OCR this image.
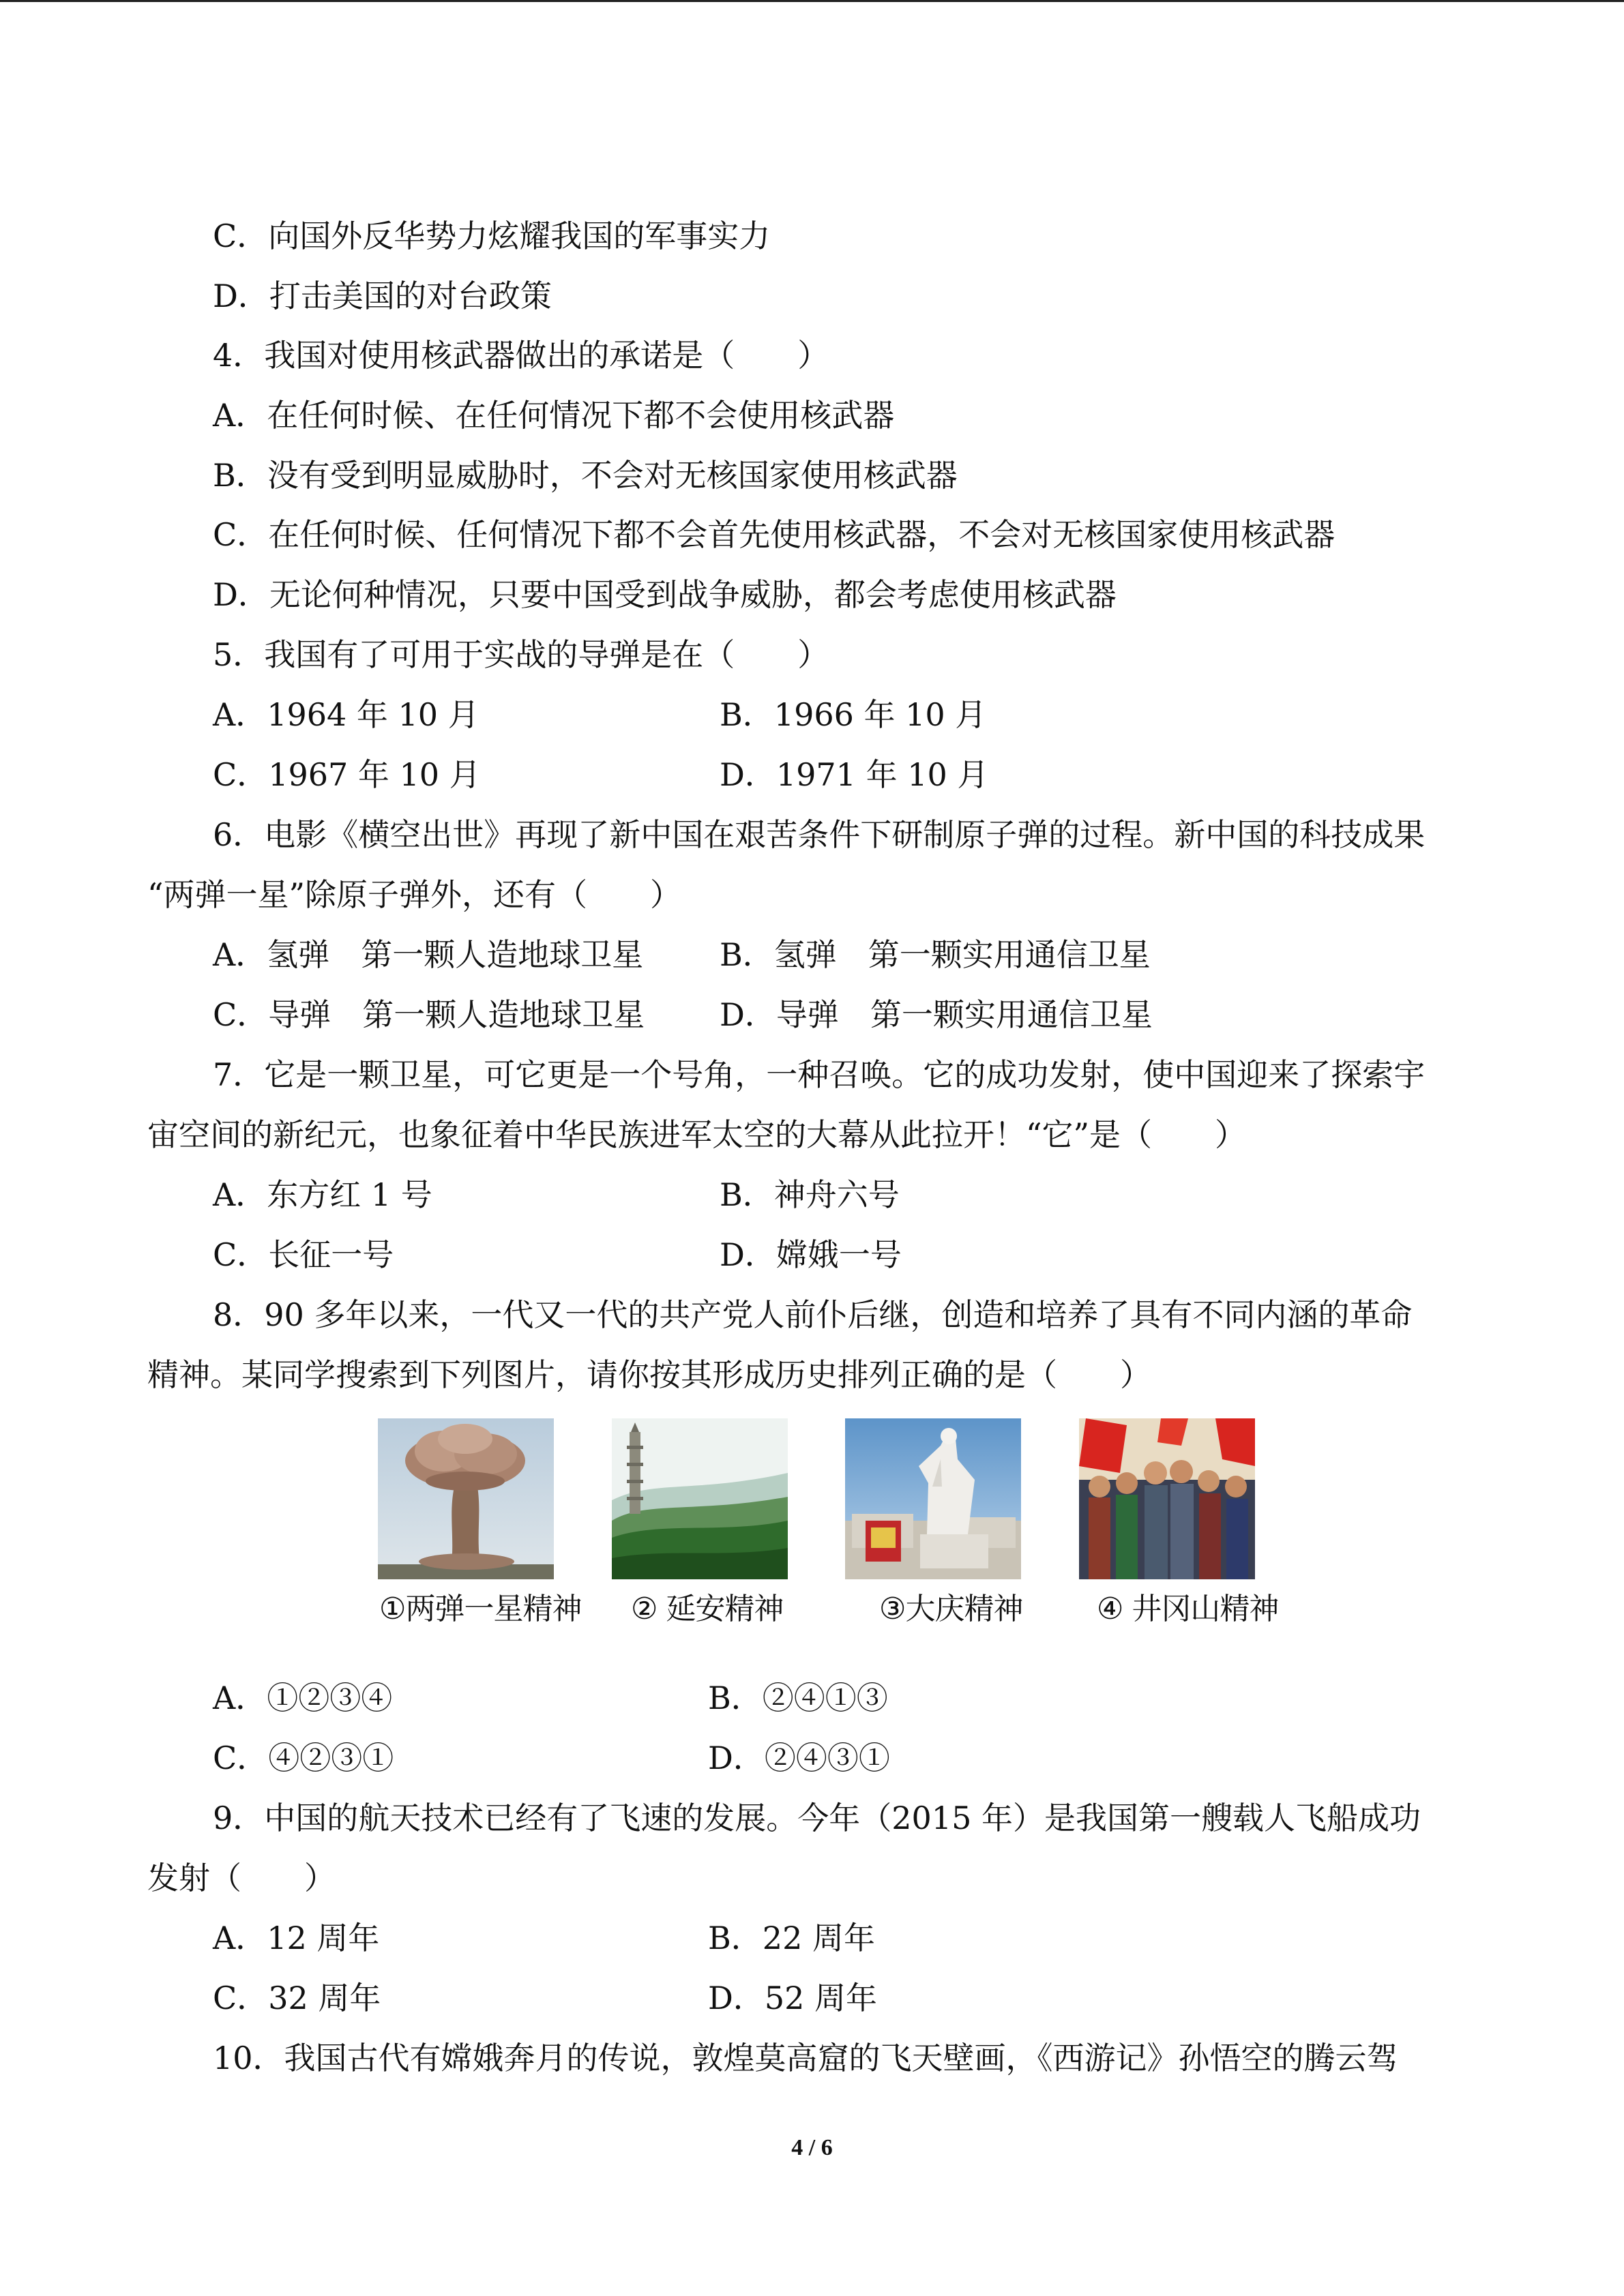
C．向国外反华势力炫耀我国的军事实力
D．打击美国的对台政策
4．我国对使用核武器做出的承诺是（　　）
A．在任何时候、在任何情况下都不会使用核武器
B．没有受到明显威胁时，不会对无核国家使用核武器
C．在任何时候、任何情况下都不会首先使用核武器，不会对无核国家使用核武器
D．无论何种情况，只要中国受到战争威胁，都会考虑使用核武器
5．我国有了可用于实战的导弹是在（　　）
A．1964 年 10 月	B．1966 年 10 月
C．1967 年 10 月	D．1971 年 10 月
6．电影《横空出世》再现了新中国在艰苦条件下研制原子弹的过程。新中国的科技成果
“两弹一星”除原子弹外，还有（　　）
A．氢弹　第一颗人造地球卫星 B．氢弹　第一颗实用通信卫星
C．导弹　第一颗人造地球卫星 D．导弹　第一颗实用通信卫星
7．它是一颗卫星，可它更是一个号角，一种召唤。它的成功发射，使中国迎来了探索宇
宙空间的新纪元，也象征着中华民族进军太空的大幕从此拉开！“它”是（　　）
A．东方红 1 号	B．神舟六号
C．长征一号	D．嫦娥一号
8．90 多年以来，一代又一代的共产党人前仆后继，创造和培养了具有不同内涵的革命
精神。某同学搜索到下列图片，请你按其形成历史排列正确的是（　　）
①两弹一星精神 ② 延安精神	③大庆精神 ④ 井冈山精神
A．①②③④	B．②④①③
C．④②③①	D．②④③①
9．中国的航天技术已经有了飞速的发展。今年（2015 年）是我国第一艘载人飞船成功
发射（　　）
A．12 周年	B．22 周年
C．32 周年	D．52 周年
10．我国古代有嫦娥奔月的传说，敦煌莫高窟的飞天壁画，《西游记》孙悟空的腾云驾
4 / 6
